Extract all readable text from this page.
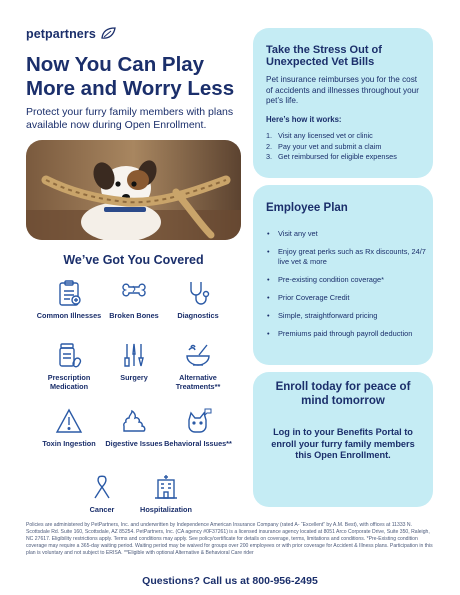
petpartners
Now You Can Play More and Worry Less
Protect your furry family members with plans available now during Open Enrollment.
We’ve Got You Covered
Common Illnesses	Broken Bones	Diagnostics
Prescription Medication
Surgery	Alternative Treatments**
Toxin Ingestion	Digestive Issues Behavioral Issues**
Cancer	Hospitalization
Take the Stress Out of Unexpected Vet Bills
Pet insurance reimburses you for the cost of accidents and illnesses throughout your pet’s life.
Here’s how it works:
1. Visit any licensed vet or clinic
2. Pay your vet and submit a claim
3. Get reimbursed for eligible expenses
Employee Plan
• Visit any vet
• Enjoy great perks such as Rx discounts, 24/7 live vet & more
• Pre-existing condition coverage*
• Prior Coverage Credit
• Simple, straightforward pricing
• Premiums paid through payroll deduction
Enroll today for peace of mind tomorrow
Log in to your Benefits Portal to enroll your furry family members this Open Enrollment.
Policies are administered by PetPartners, Inc. and underwritten by Independence American Insurance Company (rated A- “Excellent” by A.M. Best), with offices at 11333 N. Scottsdale Rd. Suite 160, Scottsdale, AZ 85254. PetPartners, Inc. (CA agency #0F37261) is a licensed insurance agency located at 8051 Arco Corporate Drive, Suite 350, Raleigh, NC 27617. Eligibility restrictions apply. Terms and conditions may apply. See policy/certificate for details on coverage, terms, limitations and conditions. *Pre-Existing condition coverage may require a 365-day waiting period. Waiting period may be waived for groups over 200 employees or with prior coverage for Accident & Illness plans. Participation in this plan is voluntary and not subject to ERISA. **Eligible with optional Alternative & Behavioral Care rider
Questions? Call us at 800-956-2495
